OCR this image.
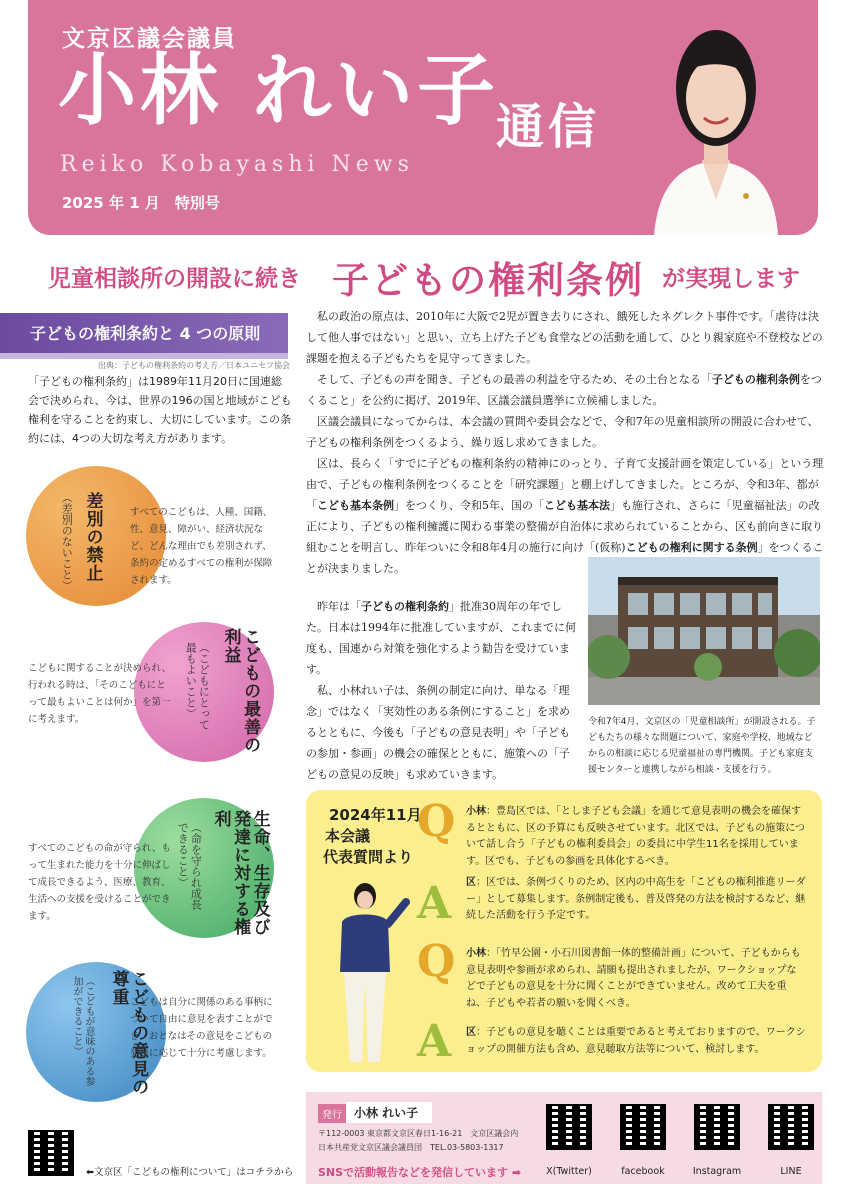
文京区議会議員
小林 れい子
通信
Reiko Kobayashi News
2025 年 1 月　特別号
児童相談所の開設に続き 子どもの権利条例 が実現します
子どもの権利条約と 4 つの原則
出典：子どもの権利条約の考え方／日本ユニセフ協会
「子どもの権利条約」は1989年11月20日に国連総会で決められ、今は、世界の196の国と地域がこども権利を守ることを約束し、大切にしています。この条約には、4つの大切な考え方があります。
差別の禁止
（差別のないこと）	すべてのこどもは、人種、国籍、性、意見、障がい、経済状況など、どんな理由でも差別されず、条約の定めるすべての権利が保障されます。
こどもの最善の利益
（こどもにとって最もよいこと）
こどもに関することが決められ、行われる時は、「そのこどもにとって最もよいことは何か」を第一に考えます。
生命、生存及び発達に対する権利
（命を守られ成長できること）
すべてのこどもの命が守られ、もって生まれた能力を十分に伸ばして成長できるよう、医療、教育、生活への支援を受けることができます。
こどもの意見の尊重
（こどもが意味のある参加ができること）	こどもは自分に関係のある事柄について自由に意見を表すことができ、おとなはその意見をこどもの発達に応じて十分に考慮します。
⬅文京区「こどもの権利について」はコチラから

私の政治の原点は、2010年に大阪で2児が置き去りにされ、餓死したネグレクト事件です。「虐待は決して他人事ではない」と思い、立ち上げた子ども食堂などの活動を通して、ひとり親家庭や不登校などの課題を抱える子どもたちを見守ってきました。

そして、子どもの声を聞き、子どもの最善の利益を守るため、その土台となる「子どもの権利条例をつくること」を公約に掲げ、2019年、区議会議員選挙に立候補しました。

区議会議員になってからは、本会議の質問や委員会などで、令和7年の児童相談所の開設に合わせて、子どもの権利条例をつくるよう、繰り返し求めてきました。

区は、長らく「すでに子どもの権利条約の精神にのっとり、子育て支援計画を策定している」という理由で、子どもの権利条例をつくることを「研究課題」と棚上げしてきました。ところが、令和3年、都が「こども基本条例」をつくり、令和5年、国の「こども基本法」も施行され、さらに「児童福祉法」の改正により、子どもの権利擁護に関わる事業の整備が自治体に求められていることから、区も前向きに取り組むことを明言し、昨年ついに令和8年4月の施行に向け「(仮称)こどもの権利に関する条例」をつくることが決まりました。

昨年は「子どもの権利条約」批准30周年の年でした。日本は1994年に批准していますが、これまでに何度も、国連から対策を強化するよう勧告を受けています。

私、小林れい子は、条例の制定に向け、単なる「理念」ではなく「実効性のある条例にすること」を求めるとともに、今後も「子どもの意見表明」や「子どもの参加・参画」の機会の確保とともに、施策への「子どもの意見の反映」も求めていきます。

令和7年4月、文京区の「児童相談所」が開設される。子どもたちの様々な問題について、家庭や学校、地域などからの相談に応じる児童福祉の専門機関。子ども家庭支援センターと連携しながら相談・支援を行う。
2024年11月
本会議
代表質問より
Q
A
Q
A
小林：豊島区では、「としま子ども会議」を通じて意見表明の機会を確保するとともに、区の予算にも反映させています。北区では、子どもの施策について話し合う「子どもの権利委員会」の委員に中学生11名を採用しています。区でも、子どもの参画を具体化するべき。
区：区では、条例づくりのため、区内の中高生を「こどもの権利推進リーダー」として募集します。条例制定後も、普及啓発の方法を検討するなど、継続した活動を行う予定です。
小林：「竹早公園・小石川図書館一体的整備計画」について、子どもからも意見表明や参画が求められ、請願も提出されましたが、ワークショップなどで子どもの意見を十分に聞くことができていません。改めて工夫を重ね、子どもや若者の願いを聞くべき。
区：子どもの意見を聴くことは重要であると考えておりますので、ワークショップの開催方法も含め、意見聴取方法等について、検討します。
発行	小林 れい子
〒112-0003 東京都文京区春日1-16-21　文京区議会内
日本共産党文京区議会議員団　TEL.03-5803-1317
SNSで活動報告などを発信しています ➡	X(Twitter)	facebook	Instagram	LINE
